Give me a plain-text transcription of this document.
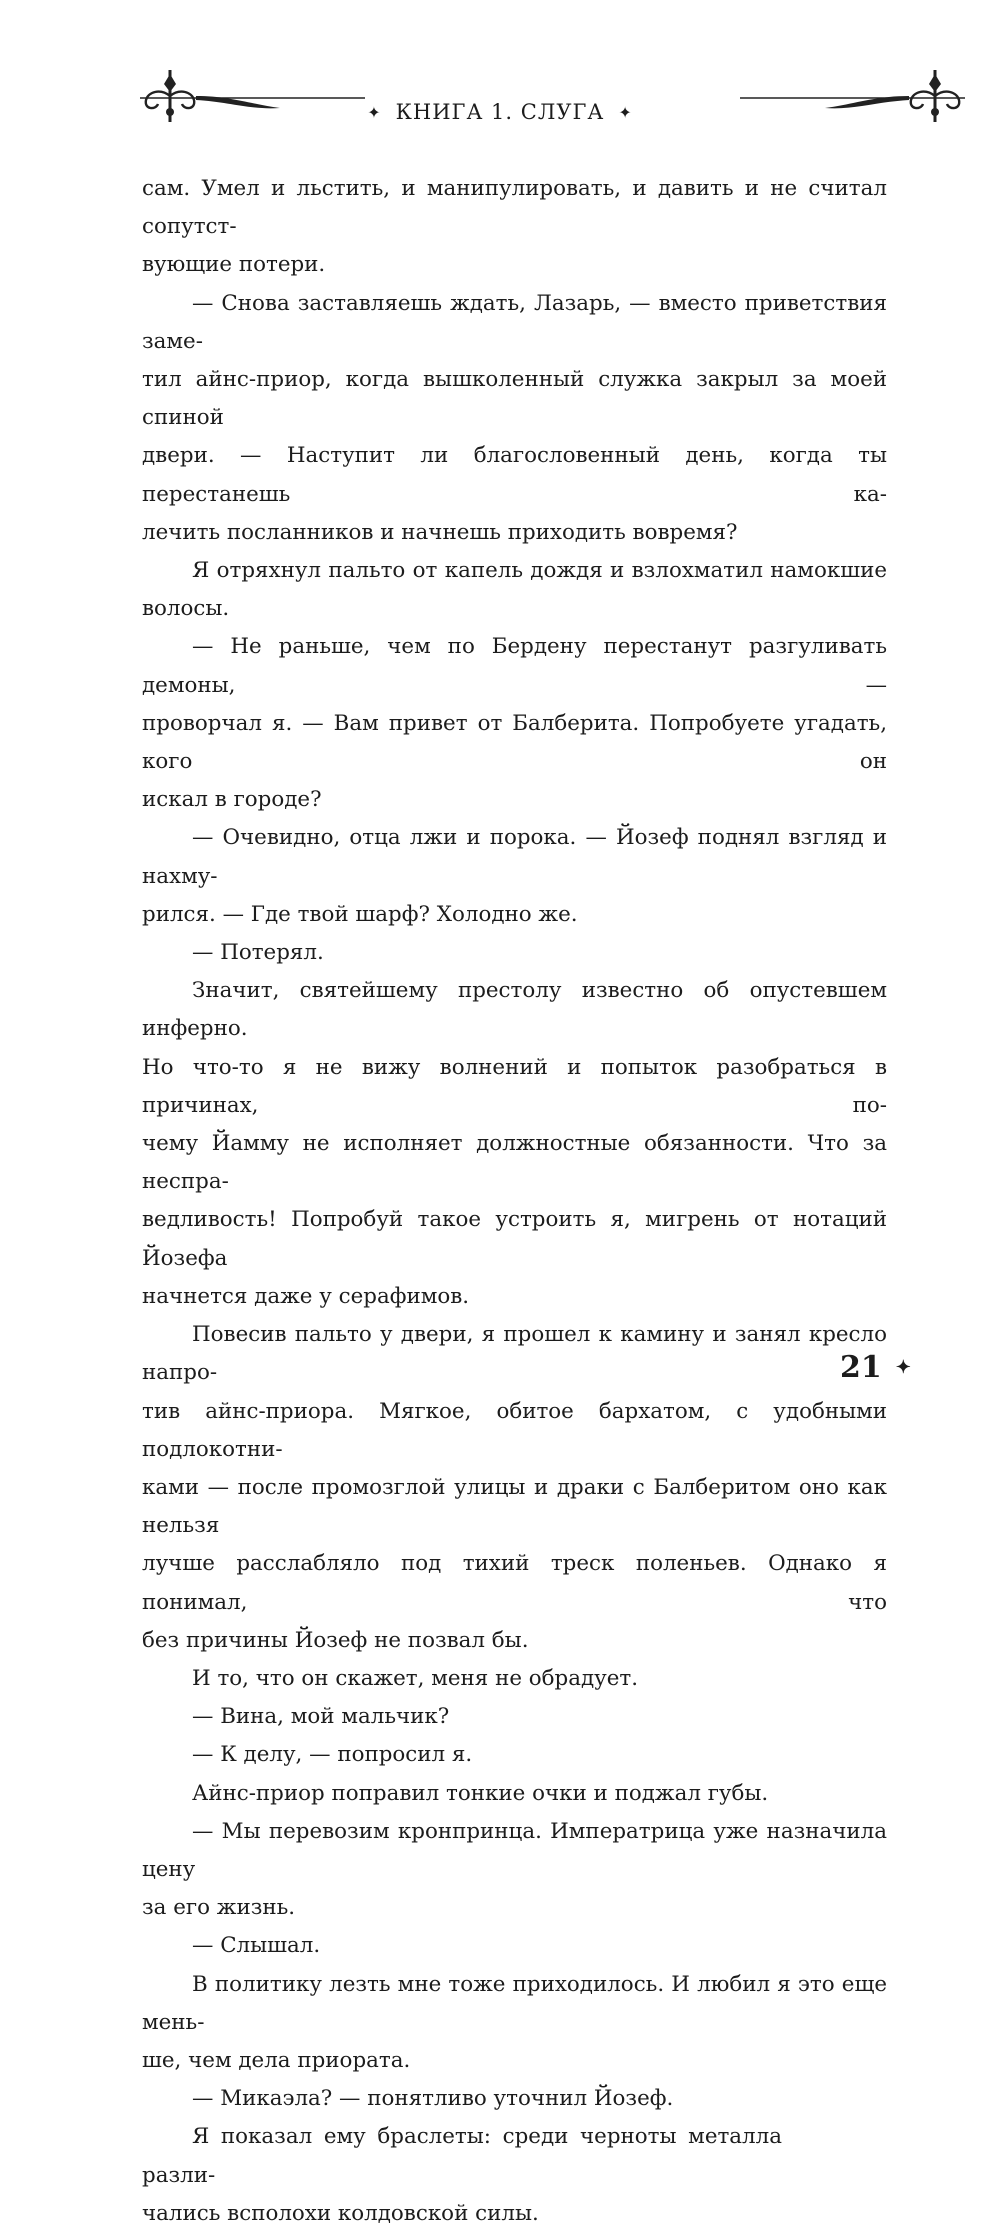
✦ КНИГА 1. СЛУГА ✦

сам. Умел и льстить, и манипулировать, и давить и не считал сопутст-

вующие потери.

— Снова заставляешь ждать, Лазарь, — вместо приветствия заме-

тил айнс-приор, когда вышколенный служка закрыл за моей спиной

двери. — Наступит ли благословенный день, когда ты перестанешь ка-

лечить посланников и начнешь приходить вовремя?

Я отряхнул пальто от капель дождя и взлохматил намокшие волосы.

— Не раньше, чем по Бердену перестанут разгуливать демоны, —

проворчал я. — Вам привет от Балберита. Попробуете угадать, кого он

искал в городе?

— Очевидно, отца лжи и порока. — Йозеф поднял взгляд и нахму-

рился. — Где твой шарф? Холодно же.

— Потерял.

Значит, святейшему престолу известно об опустевшем инферно.

Но что-то я не вижу волнений и попыток разобраться в причинах, по-

чему Йамму не исполняет должностные обязанности. Что за неспра-

ведливость! Попробуй такое устроить я, мигрень от нотаций Йозефа

начнется даже у серафимов.

Повесив пальто у двери, я прошел к камину и занял кресло напро-

тив айнс-приора. Мягкое, обитое бархатом, с удобными подлокотни-

ками — после промозглой улицы и драки с Балберитом оно как нельзя

лучше расслабляло под тихий треск поленьев. Однако я понимал, что

без причины Йозеф не позвал бы.

И то, что он скажет, меня не обрадует.

— Вина, мой мальчик?

— К делу, — попросил я.

Айнс-приор поправил тонкие очки и поджал губы.

— Мы перевозим кронпринца. Императрица уже назначила цену

за его жизнь.

— Слышал.

В политику лезть мне тоже приходилось. И любил я это еще мень-

ше, чем дела приората.

— Микаэла? — понятливо уточнил Йозеф.

Я показал ему браслеты: среди черноты металла разли-

чались всполохи колдовской силы.

21 ✦
